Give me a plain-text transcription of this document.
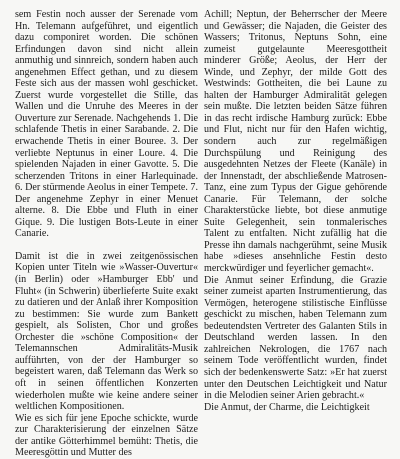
sem Festin noch ausser der Serenade vom Hn. Telemann aufgeführet, und eigentlich dazu componiret worden. Die schönen Erfindungen davon sind nicht allein anmuthig und sinnreich, sondern haben auch angenehmen Effect gethan, und zu diesem Feste sich aus der massen wohl geschicket. Zuerst wurde vorgestellet die Stille, das Wallen und die Unruhe des Meeres in der Ouverture zur Serenade. Nachgehends 1. Die schlafende Thetis in einer Sarabande. 2. Die erwachende Thetis in einer Bouree. 3. Der verliebte Neptunus in einer Loure. 4. Die spielenden Najaden in einer Gavotte. 5. Die scherzenden Tritons in einer Harlequinade. 6. Der stürmende Aeolus in einer Tempete. 7. Der angenehme Zephyr in einer Menuet alterne. 8. Die Ebbe und Fluth in einer Gique. 9. Die lustigen Bots-Leute in einer Canarie.

Damit ist die in zwei zeitgenössischen Kopien unter Titeln wie »Wasser-Ouvertur« (in Berlin) oder »Hamburger Ebb' und Fluht« (in Schwerin) überlieferte Suite exakt zu datieren und der Anlaß ihrer Komposition zu bestimmen: Sie wurde zum Bankett gespielt, als Solisten, Chor und großes Orchester die »schöne Composition« der Telemannschen Admiralitäts-Musik aufführten, von der der Hamburger so begeistert waren, daß Telemann das Werk so oft in seinen öffentlichen Konzerten wiederholen mußte wie keine andere seiner weltlichen Kompositionen.

Wie es sich für jene Epoche schickte, wurde zur Charakterisierung der einzelnen Sätze der antike Götterhimmel bemüht: Thetis, die Meeresgöttin und Mutter des

Achill; Neptun, der Beherrscher der Meere und Gewässer; die Najaden, die Geister des Wassers; Tritonus, Neptuns Sohn, eine zumeist gutgelaunte Meeresgottheit minderer Größe; Aeolus, der Herr der Winde, und Zephyr, der milde Gott des Westwinds: Gottheiten, die bei Laune zu halten der Hamburger Admiralität gelegen sein mußte. Die letzten beiden Sätze führen in das recht irdische Hamburg zurück: Ebbe und Flut, nicht nur für den Hafen wichtig, sondern auch zur regelmäßigen Durchspülung und Reinigung des ausgedehnten Netzes der Fleete (Kanäle) in der Innenstadt, der abschließende Matrosen-Tanz, eine zum Typus der Gigue gehörende Canarie. Für Telemann, der solche Charakterstücke liebte, bot diese anmutige Suite Gelegenheit, sein tonmalerisches Talent zu entfalten. Nicht zufällig hat die Presse ihn damals nachgerühmt, seine Musik habe »dieses ansehnliche Festin desto merckwürdiger und feyerlicher gemacht«.

Die Anmut seiner Erfindung, die Grazie seiner zumeist aparten Instrumentierung, das Vermögen, heterogene stilistische Einflüsse geschickt zu mischen, haben Telemann zum bedeutendsten Vertreter des Galanten Stils in Deutschland werden lassen. In den zahlreichen Nekrologen, die 1767 nach seinem Tode veröffentlicht wurden, findet sich der bedenkenswerte Satz: »Er hat zuerst unter den Deutschen Leichtigkeit und Natur in die Melodien seiner Arien gebracht.«

Die Anmut, der Charme, die Leichtigkeit
